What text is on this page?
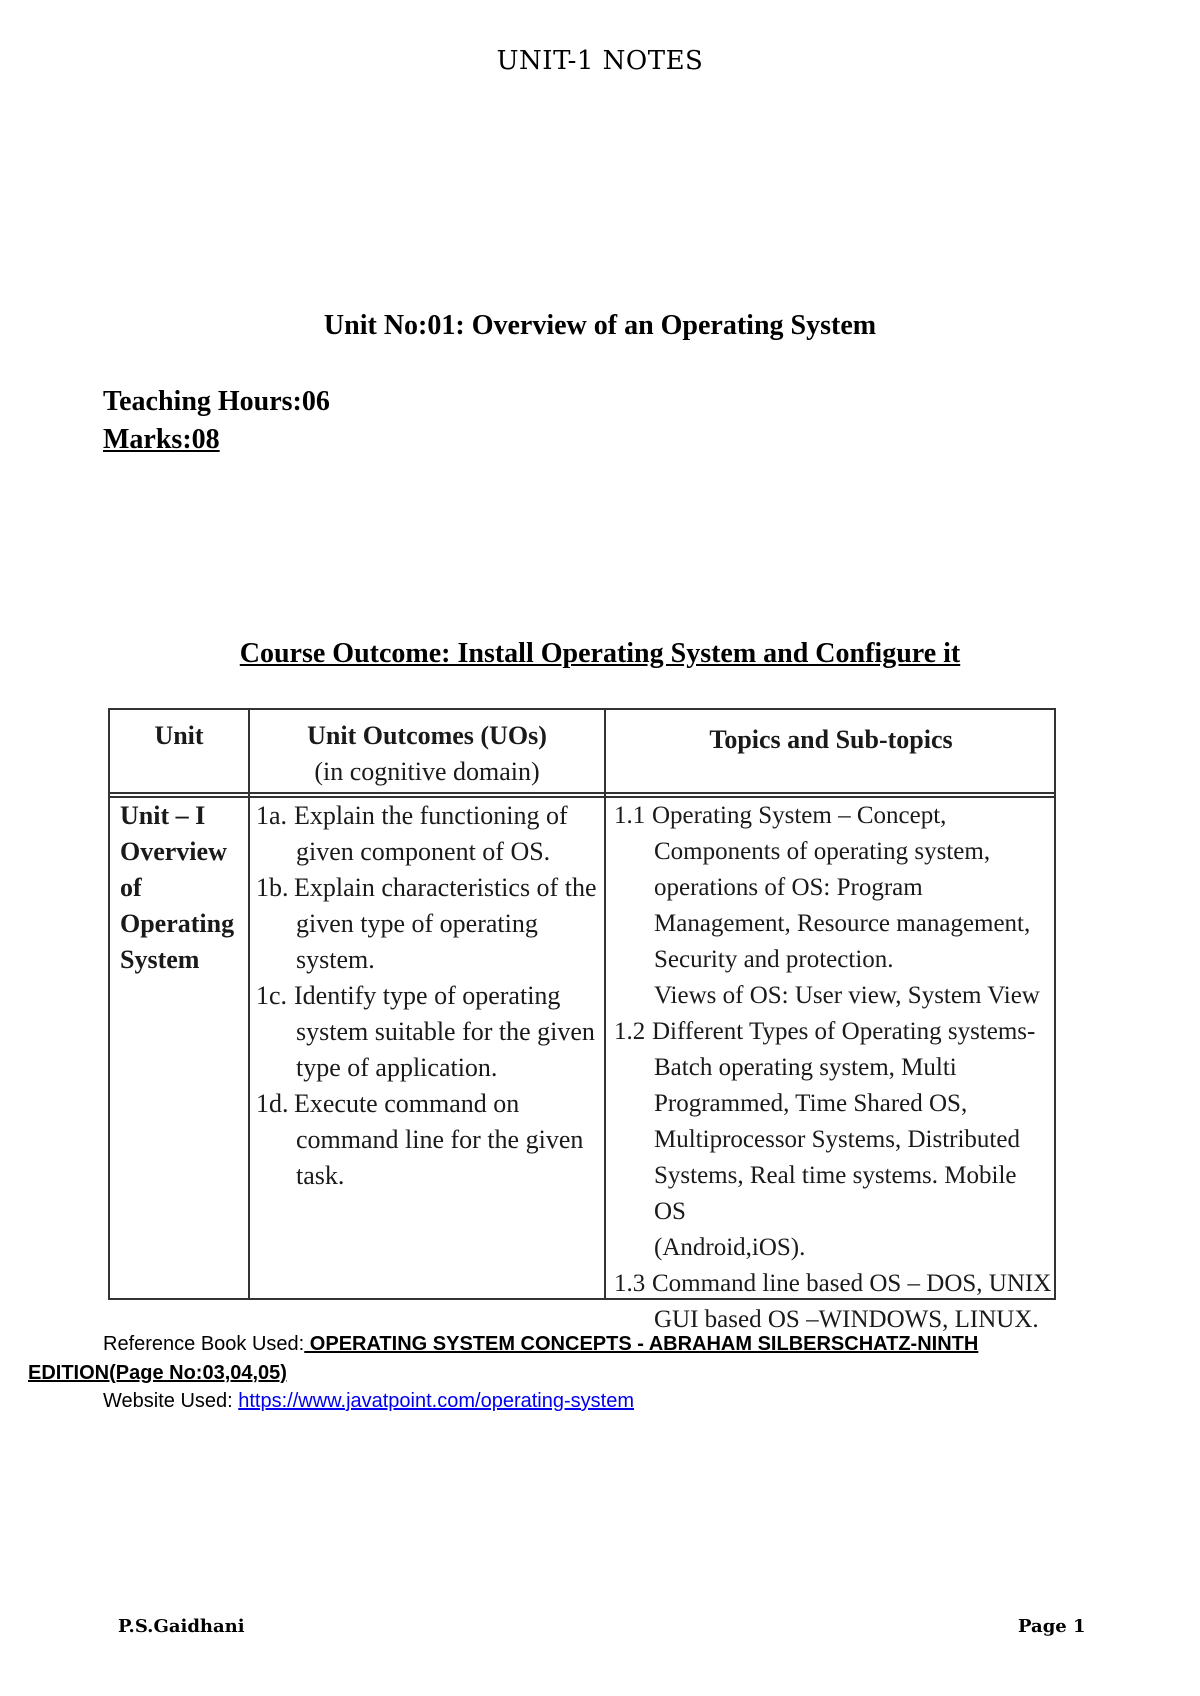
UNIT-1 NOTES
Unit No:01: Overview of an Operating System
Teaching Hours:06
Marks:08
Course Outcome: Install Operating System and Configure it
Unit	Unit Outcomes (UOs)
(in cognitive domain)
Topics and Sub-topics
Unit – I
Overview
of
Operating
System
1a. Explain the functioning of
given component of OS.
1b. Explain characteristics of the
given type of operating
system.
1c. Identify type of operating
system suitable for the given
type of application.
1d. Execute command on
command line for the given
task.
1.1 Operating System – Concept,
Components of operating system,
operations of OS: Program
Management, Resource management,
Security and protection.
Views of OS: User view, System View
1.2 Different Types of Operating systems-
Batch operating system, Multi
Programmed, Time Shared OS,
Multiprocessor Systems, Distributed
Systems, Real time systems. Mobile OS
(Android,iOS).
1.3 Command line based OS – DOS, UNIX
GUI based OS –WINDOWS, LINUX.
Reference Book Used: OPERATING SYSTEM CONCEPTS - ABRAHAM SILBERSCHATZ-NINTH
EDITION(Page No:03,04,05)
Website Used: https://www.javatpoint.com/operating-system
P.S.Gaidhani	Page 1
